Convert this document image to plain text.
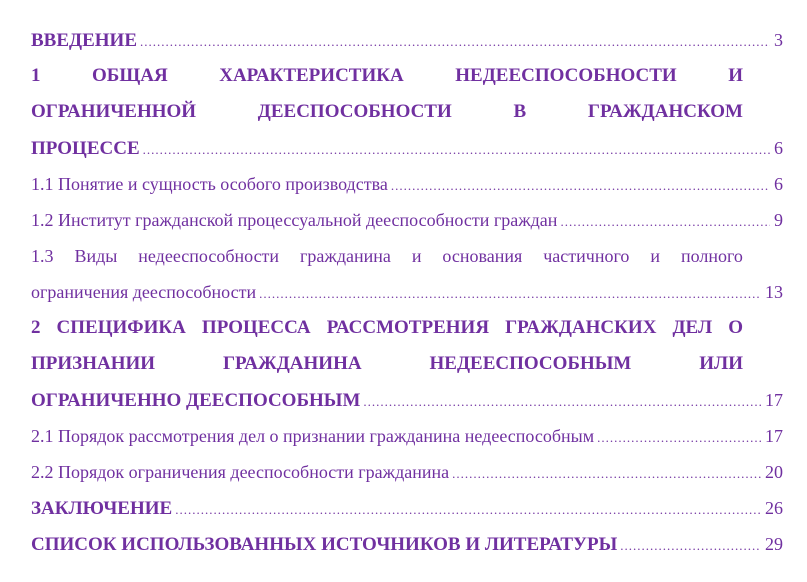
ВВЕДЕНИЕ .....	3
1	ОБЩАЯ	ХАРАКТЕРИСТИКА	НЕДЕЕСПОСОБНОСТИ	И
ОГРАНИЧЕННОЙ	ДЕЕСПОСОБНОСТИ	В	ГРАЖДАНСКОМ
ПРОЦЕССЕ .....	6
1.1 Понятие и сущность особого производства .....	6
1.2 Институт гражданской процессуальной дееспособности граждан .....	9
1.3 Виды недееспособности гражданина и основания частичного и полного
ограничения дееспособности .....	13
2 СПЕЦИФИКА ПРОЦЕССА РАССМОТРЕНИЯ ГРАЖДАНСКИХ ДЕЛ О
ПРИЗНАНИИ	ГРАЖДАНИНА	НЕДЕЕСПОСОБНЫМ	ИЛИ
ОГРАНИЧЕННО ДЕЕСПОСОБНЫМ .....	17
2.1 Порядок рассмотрения дел о признании гражданина недееспособным .....	17
2.2 Порядок ограничения дееспособности гражданина .....	20
ЗАКЛЮЧЕНИЕ .....	26
СПИСОК ИСПОЛЬЗОВАННЫХ ИСТОЧНИКОВ И ЛИТЕРАТУРЫ .....	29
